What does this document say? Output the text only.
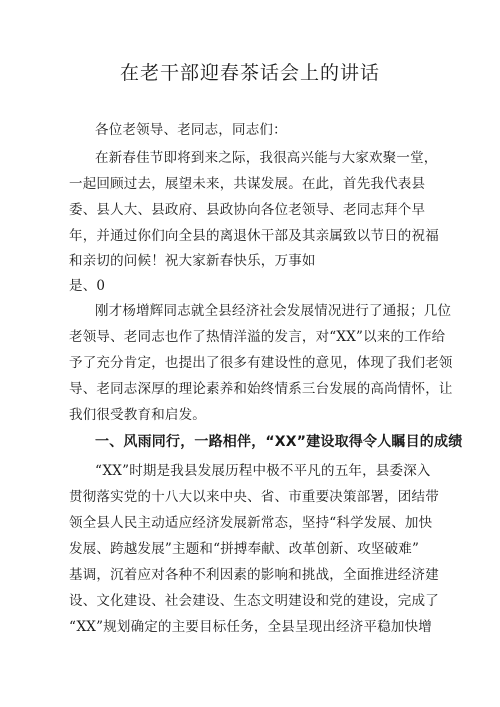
在老干部迎春茶话会上的讲话
各位老领导、老同志，同志们：
在新春佳节即将到来之际，我很高兴能与大家欢聚一堂，
一起回顾过去，展望未来，共谋发展。在此，首先我代表县
委、县人大、县政府、县政协向各位老领导、老同志拜个早
年，并通过你们向全县的离退休干部及其亲属致以节日的祝福
和亲切的问候！祝大家新春快乐，万事如
是、0
刚才杨增辉同志就全县经济社会发展情况进行了通报；几位
老领导、老同志也作了热情洋溢的发言，对“XX”以来的工作给
予了充分肯定，也提出了很多有建设性的意见，体现了我们老领
导、老同志深厚的理论素养和始终情系三台发展的高尚情怀，让
我们很受教育和启发。
一、风雨同行，一路相伴，“XX”建设取得令人瞩目的成绩
“XX”时期是我县发展历程中极不平凡的五年，县委深入
贯彻落实党的十八大以来中央、省、市重要决策部署，团结带
领全县人民主动适应经济发展新常态，坚持“科学发展、加快
发展、跨越发展”主题和“拼搏奉献、改革创新、攻坚破难”
基调，沉着应对各种不利因素的影响和挑战，全面推进经济建
设、文化建设、社会建设、生态文明建设和党的建设，完成了
“XX”规划确定的主要目标任务，全县呈现出经济平稳加快增
